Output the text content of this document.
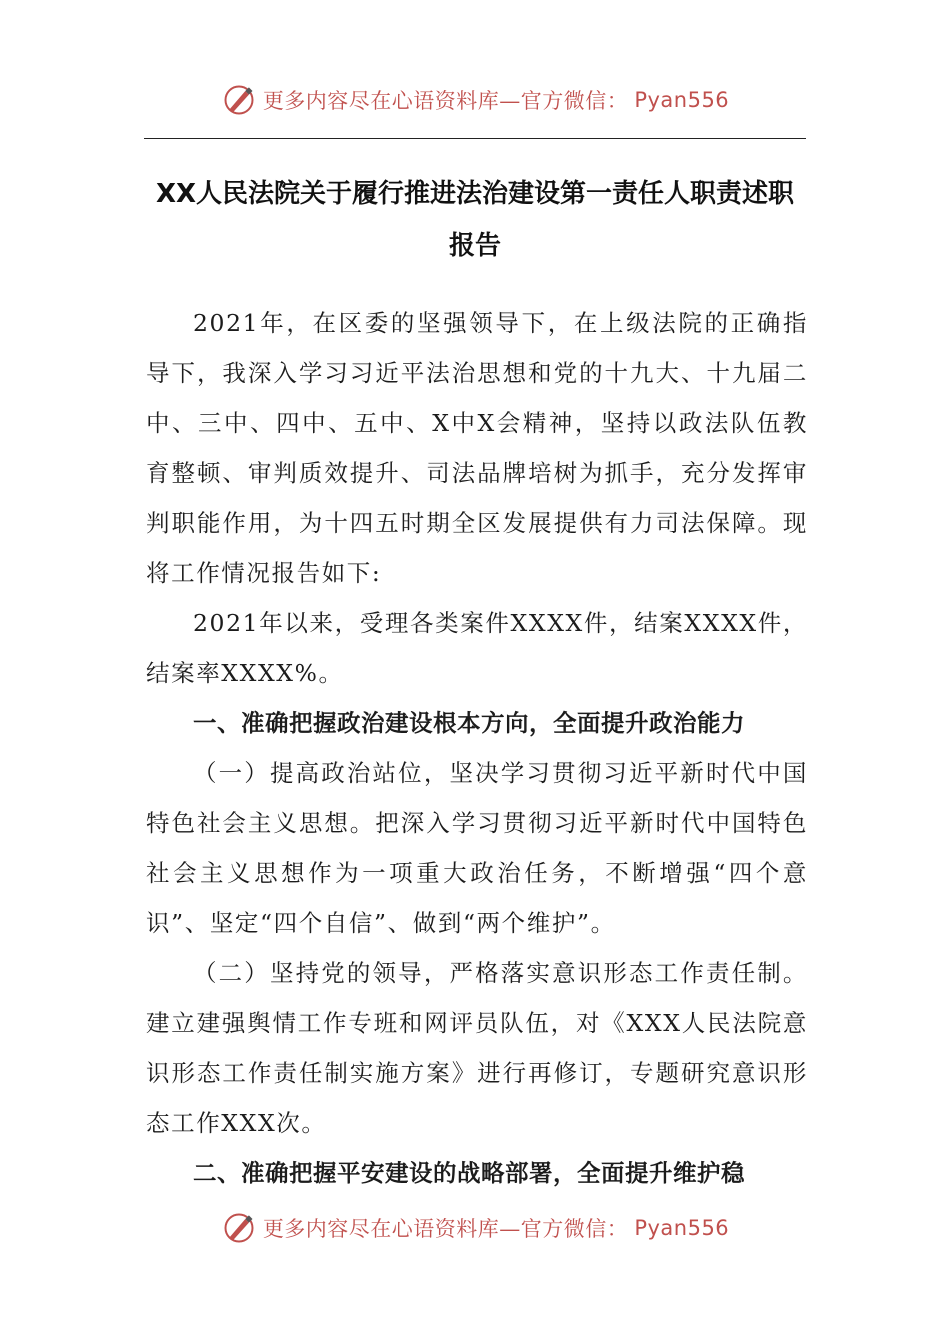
更多内容尽在心语资料库—官方微信： Pyan556
XX人民法院关于履行推进法治建设第一责任人职责述职报告

2021年，在区委的坚强领导下，在上级法院的正确指导下，我深入学习习近平法治思想和党的十九大、十九届二中、三中、四中、五中、X中X会精神，坚持以政法队伍教育整顿、审判质效提升、司法品牌培树为抓手，充分发挥审判职能作用，为十四五时期全区发展提供有力司法保障。现将工作情况报告如下:

2021年以来，受理各类案件XXXX件，结案XXXX件，结案率XXXX%。

一、准确把握政治建设根本方向，全面提升政治能力

（一）提高政治站位，坚决学习贯彻习近平新时代中国特色社会主义思想。把深入学习贯彻习近平新时代中国特色社会主义思想作为一项重大政治任务，不断增强“四个意识”、坚定“四个自信”、做到“两个维护”。

（二）坚持党的领导，严格落实意识形态工作责任制。建立建强舆情工作专班和网评员队伍，对《XXX人民法院意识形态工作责任制实施方案》进行再修订，专题研究意识形态工作XXX次。

二、准确把握平安建设的战略部署，全面提升维护稳

更多内容尽在心语资料库—官方微信： Pyan556
